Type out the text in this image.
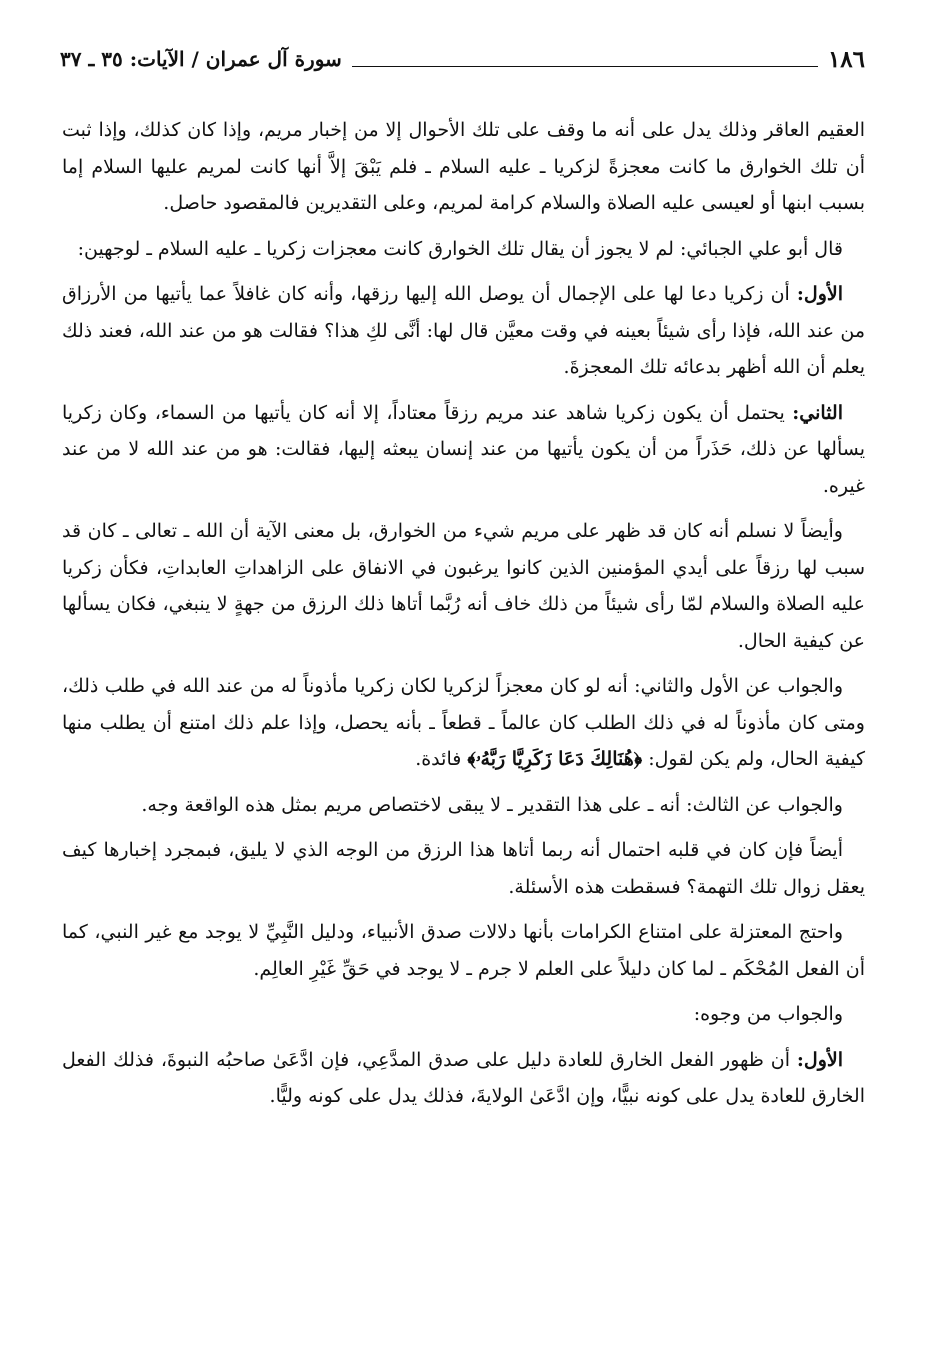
١٨٦
سورة آل عمران / الآيات: ٣٥ ـ ٣٧

العقيم العاقر وذلك يدل على أنه ما وقف على تلك الأحوال إلا من إخبار مريم، وإذا كان كذلك، وإذا ثبت أن تلك الخوارق ما كانت معجزةً لزكريا ـ عليه السلام ـ فلم يَبْقَ إلاَّ أنها كانت لمريم عليها السلام إما بسبب ابنها أو لعيسى عليه الصلاة والسلام كرامة لمريم، وعلى التقديرين فالمقصود حاصل.

قال أبو علي الجبائي: لم لا يجوز أن يقال تلك الخوارق كانت معجزات زكريا ـ عليه السلام ـ لوجهين:

الأول: أن زكريا دعا لها على الإجمال أن يوصل الله إليها رزقها، وأنه كان غافلاً عما يأتيها من الأرزاق من عند الله، فإذا رأى شيئاً بعينه في وقت معيَّن قال لها: أنَّى لكِ هذا؟ فقالت هو من عند الله، فعند ذلك يعلم أن الله أظهر بدعائه تلك المعجزةَ.

الثاني: يحتمل أن يكون زكريا شاهد عند مريم رزقاً معتاداً، إلا أنه كان يأتيها من السماء، وكان زكريا يسألها عن ذلك، حَذَراً من أن يكون يأتيها من عند إنسان يبعثه إليها، فقالت: هو من عند الله لا من عند غيره.

وأيضاً لا نسلم أنه كان قد ظهر على مريم شيء من الخوارق، بل معنى الآية أن الله ـ تعالى ـ كان قد سبب لها رزقاً على أيدي المؤمنين الذين كانوا يرغبون في الانفاق على الزاهداتِ العابداتِ، فكأن زكريا عليه الصلاة والسلام لمّا رأى شيئاً من ذلك خاف أنه رُبَّما أتاها ذلك الرزق من جهةٍ لا ينبغي، فكان يسألها عن كيفية الحال.

والجواب عن الأول والثاني: أنه لو كان معجزاً لزكريا لكان زكريا مأذوناً له من عند الله في طلب ذلك، ومتى كان مأذوناً له في ذلك الطلب كان عالماً ـ قطعاً ـ بأنه يحصل، وإذا علم ذلك امتنع أن يطلب منها كيفية الحال، ولم يكن لقول: ﴿هُنَالِكَ دَعَا زَكَرِيَّا رَبَّهُۥ﴾ فائدة.

والجواب عن الثالث: أنه ـ على هذا التقدير ـ لا يبقى لاختصاص مريم بمثل هذه الواقعة وجه.

أيضاً فإن كان في قلبه احتمال أنه ربما أتاها هذا الرزق من الوجه الذي لا يليق، فبمجرد إخبارها كيف يعقل زوال تلك التهمة؟ فسقطت هذه الأسئلة.

واحتج المعتزلة على امتناع الكرامات بأنها دلالات صدق الأنبياء، ودليل النَّبِيِّ لا يوجد مع غير النبي، كما أن الفعل المُحْكَم ـ لما كان دليلاً على العلم لا جرم ـ لا يوجد في حَقِّ غَيْرِ العالِم.

والجواب من وجوه:

الأول: أن ظهور الفعل الخارق للعادة دليل على صدق المدَّعِي، فإن ادَّعَىٰ صاحبُه النبوةَ، فذلك الفعل الخارق للعادة يدل على كونه نبيًّا، وإن ادَّعَىٰ الولايةَ، فذلك يدل على كونه وليًّا.
